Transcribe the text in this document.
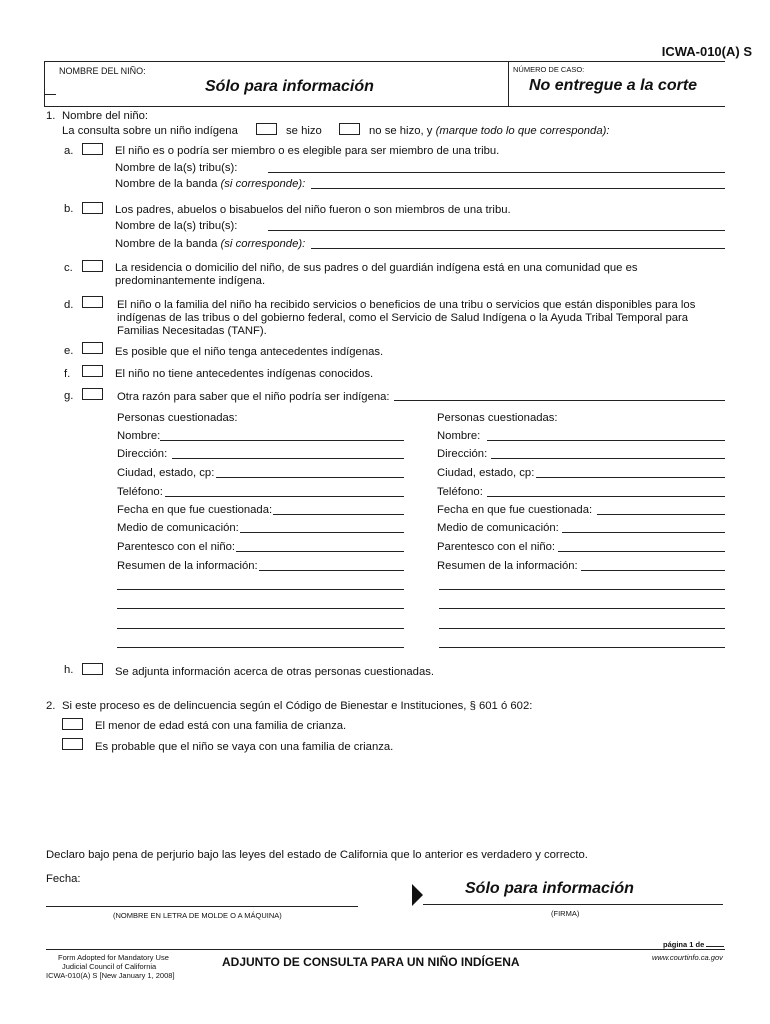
ICWA-010(A) S
NOMBRE DEL NIÑO:
Sólo para información
NÚMERO DE CASO:
No entregue a la corte
1. Nombre del niño:
La consulta sobre un niño indígena	se hizo	no se hizo, y (marque todo lo que corresponda):
a.	El niño es o podría ser miembro o es elegible para ser miembro de una tribu.
Nombre de la(s) tribu(s):
Nombre de la banda (si corresponde):
b.	Los padres, abuelos o bisabuelos del niño fueron o son miembros de una tribu.
Nombre de la(s) tribu(s):
Nombre de la banda (si corresponde):
c.	La residencia o domicilio del niño, de sus padres o del guardián indígena está en una comunidad que es
predominantemente indígena.
d.	El niño o la familia del niño ha recibido servicios o beneficios de una tribu o servicios que están disponibles para los
indígenas de las tribus o del gobierno federal, como el Servicio de Salud Indígena o la Ayuda Tribal Temporal para
Familias Necesitadas (TANF).
e.	Es posible que el niño tenga antecedentes indígenas.
f.	El niño no tiene antecedentes indígenas conocidos.
g.	Otra razón para saber que el niño podría ser indígena:
Personas cuestionadas:
Nombre:
Dirección:
Ciudad, estado, cp:
Teléfono:
Fecha en que fue cuestionada:
Medio de comunicación:
Parentesco con el niño:
Resumen de la información:
Personas cuestionadas:
Nombre:
Dirección:
Ciudad, estado, cp:
Teléfono:
Fecha en que fue cuestionada:
Medio de comunicación:
Parentesco con el niño:
Resumen de la información:
h.	Se adjunta información acerca de otras personas cuestionadas.
2. Si este proceso es de delincuencia según el Código de Bienestar e Instituciones, § 601 ó 602:
El menor de edad está con una familia de crianza.
Es probable que el niño se vaya con una familia de crianza.
Declaro bajo pena de perjurio bajo las leyes del estado de California que lo anterior es verdadero y correcto.
Fecha:
(NOMBRE EN LETRA DE MOLDE O A MÁQUINA)
Sólo para información
(FIRMA)
página 1 de
Form Adopted for Mandatory Use
Judicial Council of California
ICWA-010(A) S [New January 1, 2008]
ADJUNTO DE CONSULTA PARA UN NIÑO INDÍGENA	www.courtinfo.ca.gov
